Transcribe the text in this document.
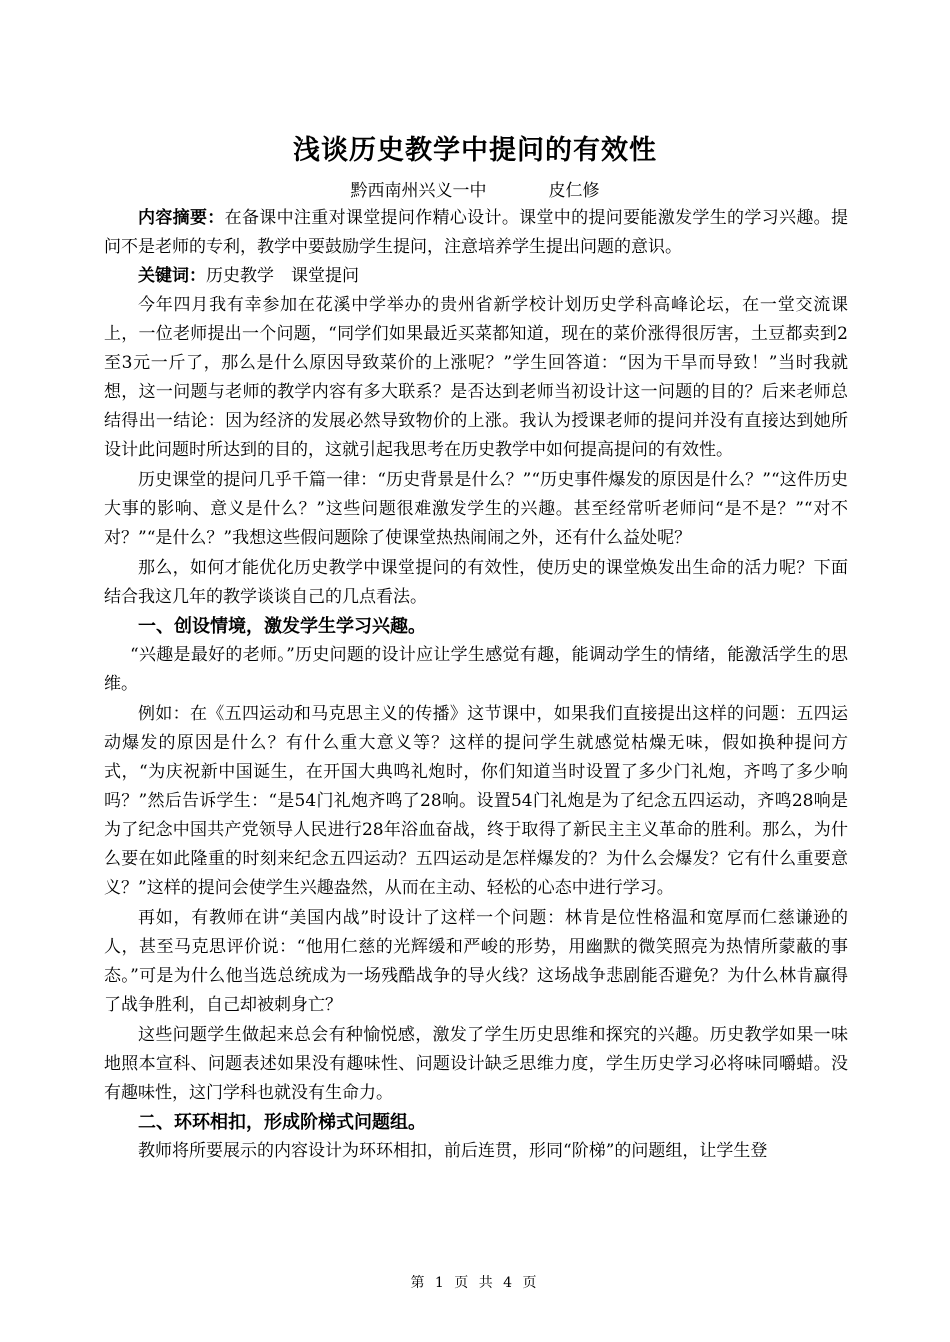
浅谈历史教学中提问的有效性
黔西南州兴义一中	皮仁修

内容摘要：在备课中注重对课堂提问作精心设计。课堂中的提问要能激发学生的学习兴趣。提问不是老师的专利，教学中要鼓励学生提问，注意培养学生提出问题的意识。

关键词：历史教学　课堂提问

今年四月我有幸参加在花溪中学举办的贵州省新学校计划历史学科高峰论坛，在一堂交流课上，一位老师提出一个问题，“同学们如果最近买菜都知道，现在的菜价涨得很厉害，土豆都卖到2至3元一斤了，那么是什么原因导致菜价的上涨呢？”学生回答道：“因为干旱而导致！”当时我就想，这一问题与老师的教学内容有多大联系？是否达到老师当初设计这一问题的目的？后来老师总结得出一结论：因为经济的发展必然导致物价的上涨。我认为授课老师的提问并没有直接达到她所设计此问题时所达到的目的，这就引起我思考在历史教学中如何提高提问的有效性。

历史课堂的提问几乎千篇一律：“历史背景是什么？”“历史事件爆发的原因是什么？”“这件历史大事的影响、意义是什么？”这些问题很难激发学生的兴趣。甚至经常听老师问“是不是？”“对不对？”“是什么？”我想这些假问题除了使课堂热热闹闹之外，还有什么益处呢？

那么，如何才能优化历史教学中课堂提问的有效性，使历史的课堂焕发出生命的活力呢？下面结合我这几年的教学谈谈自己的几点看法。

一、创设情境，激发学生学习兴趣。

“兴趣是最好的老师。”历史问题的设计应让学生感觉有趣，能调动学生的情绪，能激活学生的思维。

例如：在《五四运动和马克思主义的传播》这节课中，如果我们直接提出这样的问题：五四运动爆发的原因是什么？有什么重大意义等？这样的提问学生就感觉枯燥无味，假如换种提问方式，“为庆祝新中国诞生，在开国大典鸣礼炮时，你们知道当时设置了多少门礼炮，齐鸣了多少响吗？”然后告诉学生：“是54门礼炮齐鸣了28响。设置54门礼炮是为了纪念五四运动，齐鸣28响是为了纪念中国共产党领导人民进行28年浴血奋战，终于取得了新民主主义革命的胜利。那么，为什么要在如此隆重的时刻来纪念五四运动？五四运动是怎样爆发的？为什么会爆发？它有什么重要意义？”这样的提问会使学生兴趣盎然，从而在主动、轻松的心态中进行学习。

再如，有教师在讲“美国内战”时设计了这样一个问题：林肯是位性格温和宽厚而仁慈谦逊的人，甚至马克思评价说：“他用仁慈的光辉缓和严峻的形势，用幽默的微笑照亮为热情所蒙蔽的事态。”可是为什么他当选总统成为一场残酷战争的导火线？这场战争悲剧能否避免？为什么林肯赢得了战争胜利，自己却被刺身亡？

这些问题学生做起来总会有种愉悦感，激发了学生历史思维和探究的兴趣。历史教学如果一味地照本宣科、问题表述如果没有趣味性、问题设计缺乏思维力度，学生历史学习必将味同嚼蜡。没有趣味性，这门学科也就没有生命力。

二、环环相扣，形成阶梯式问题组。

教师将所要展示的内容设计为环环相扣，前后连贯，形同“阶梯”的问题组，让学生登

第 1 页 共 4 页
